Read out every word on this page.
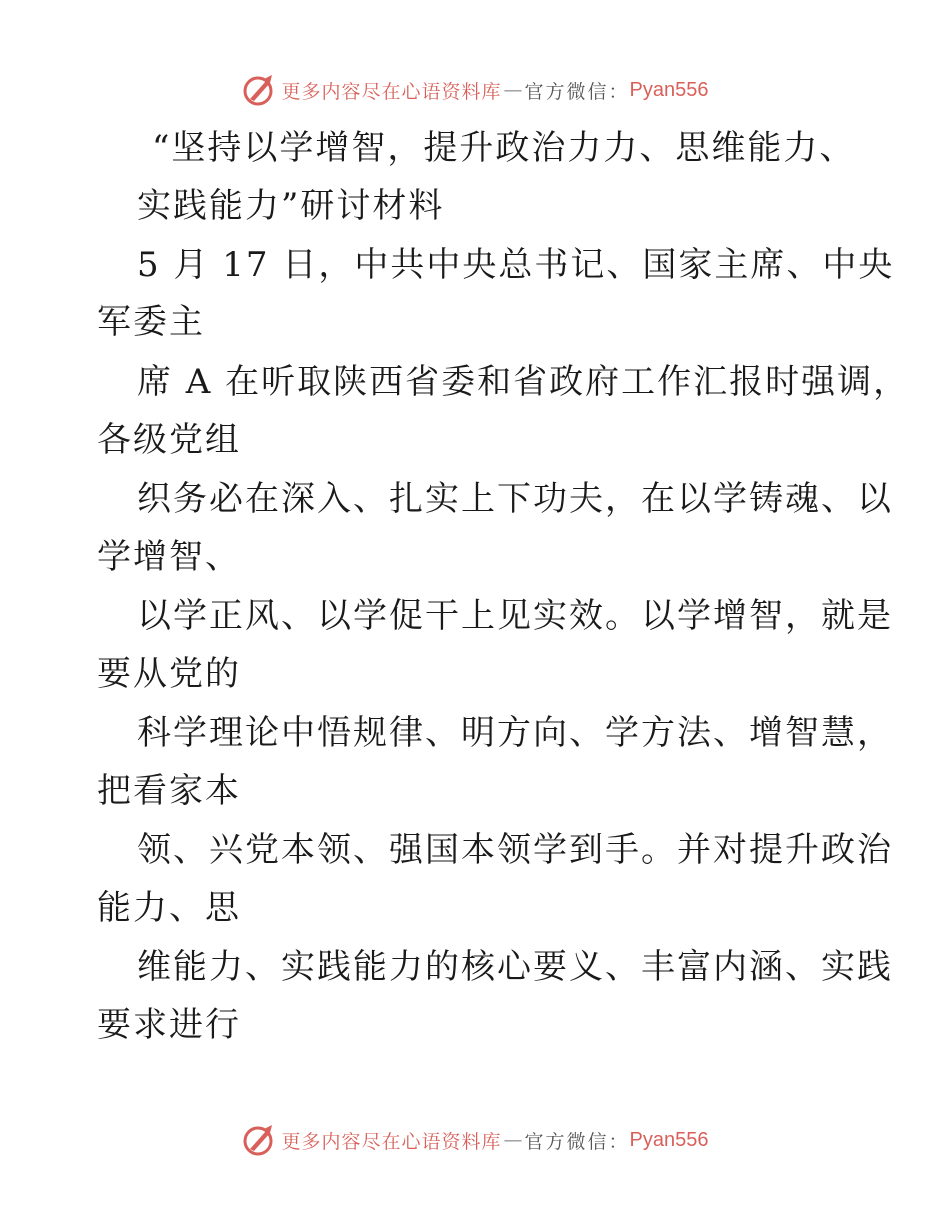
更多内容尽在心语资料库 — 官方微信： Pyan556
“坚持以学增智，提升政治力力、思维能力、
实践能力”研讨材料
5 月 17 日，中共中央总书记、国家主席、中央
军委主
席 A 在听取陕西省委和省政府工作汇报时强调，
各级党组
织务必在深入、扎实上下功夫，在以学铸魂、以
学增智、
以学正风、以学促干上见实效。以学增智，就是
要从党的
科学理论中悟规律、明方向、学方法、增智慧，
把看家本
领、兴党本领、强国本领学到手。并对提升政治
能力、思
维能力、实践能力的核心要义、丰富内涵、实践
要求进行
更多内容尽在心语资料库 — 官方微信： Pyan556
